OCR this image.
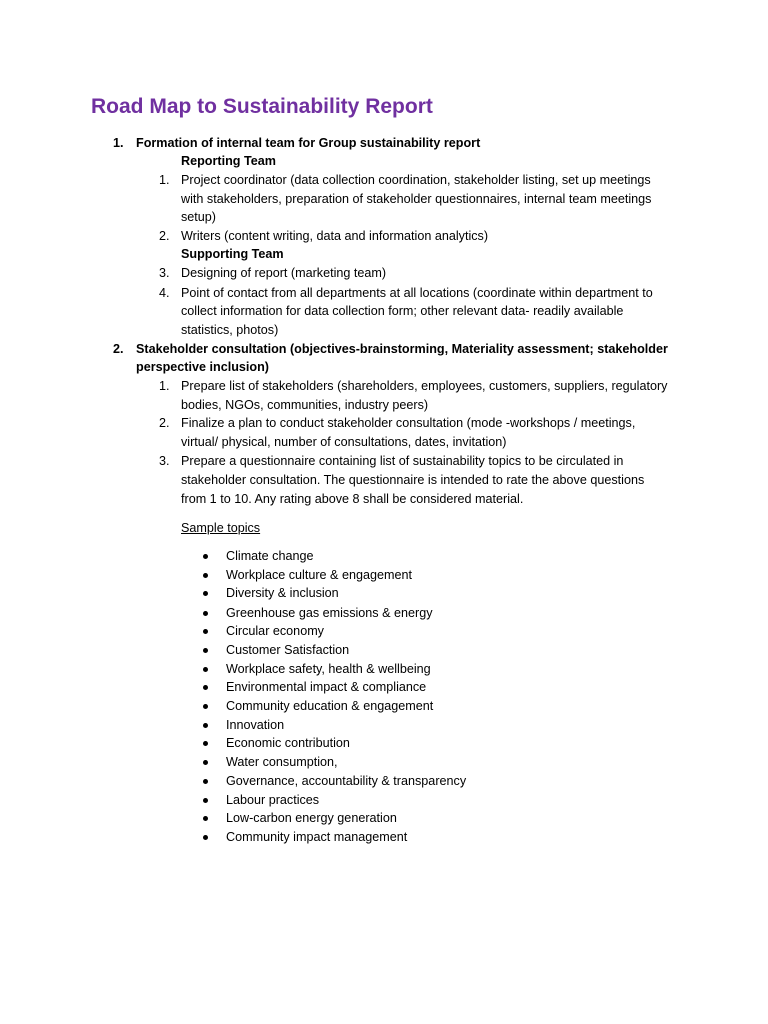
Road Map to Sustainability Report
1. Formation of internal team for Group sustainability report
Reporting Team
1. Project coordinator (data collection coordination, stakeholder listing, set up meetings
with stakeholders, preparation of stakeholder questionnaires, internal team meetings
setup)
2. Writers (content writing, data and information analytics)
Supporting Team
3. Designing of report (marketing team)
4. Point of contact from all departments at all locations (coordinate within department to
collect information for data collection form; other relevant data- readily available
statistics, photos)
2. Stakeholder consultation (objectives-brainstorming, Materiality assessment; stakeholder
perspective inclusion)
1. Prepare list of stakeholders (shareholders, employees, customers, suppliers, regulatory
bodies, NGOs, communities, industry peers)
2. Finalize a plan to conduct stakeholder consultation (mode -workshops / meetings,
virtual/ physical, number of consultations, dates, invitation)
3. Prepare a questionnaire containing list of sustainability topics to be circulated in
stakeholder consultation. The questionnaire is intended to rate the above questions
from 1 to 10. Any rating above 8 shall be considered material.
Sample topics
Climate change
Workplace culture & engagement
Diversity & inclusion
Greenhouse gas emissions & energy
Circular economy
Customer Satisfaction
Workplace safety, health & wellbeing
Environmental impact & compliance
Community education & engagement
Innovation
Economic contribution
Water consumption,
Governance, accountability & transparency
Labour practices
Low-carbon energy generation
Community impact management
